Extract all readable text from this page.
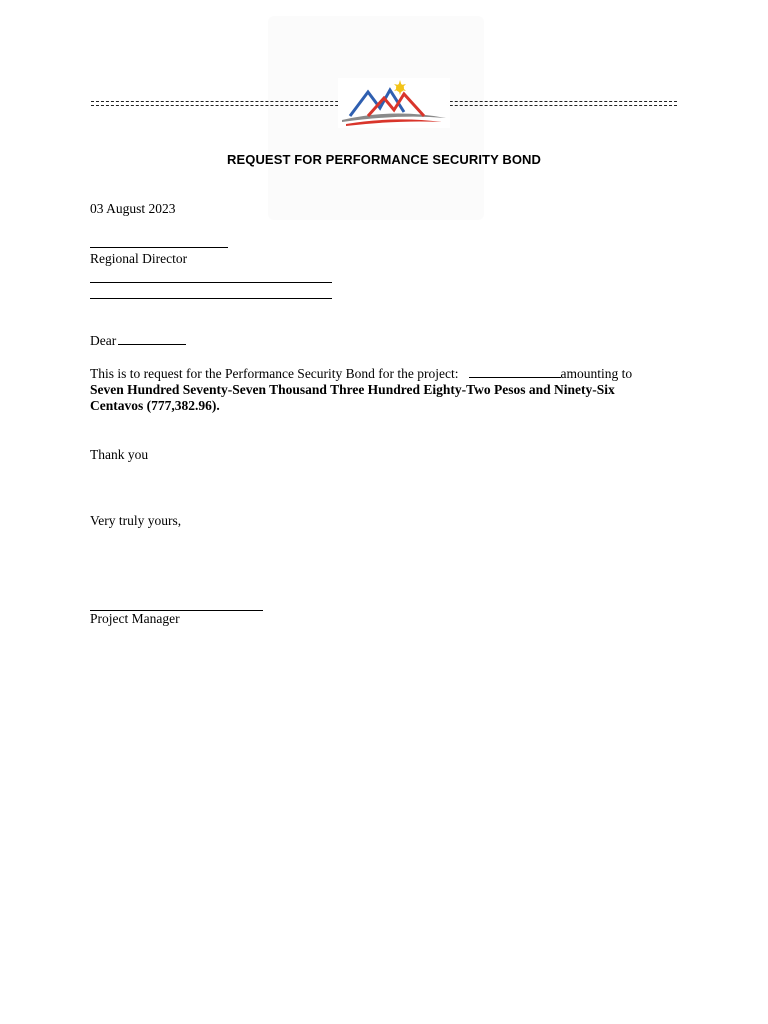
REQUEST FOR PERFORMANCE SECURITY BOND
03 August 2023
Regional Director
Dear
This is to request for the Performance Security Bond for the project:	amounting to
Seven Hundred Seventy-Seven Thousand Three Hundred Eighty-Two Pesos and Ninety-Six
Centavos (777,382.96).
Thank you
Very truly yours,
Project Manager
